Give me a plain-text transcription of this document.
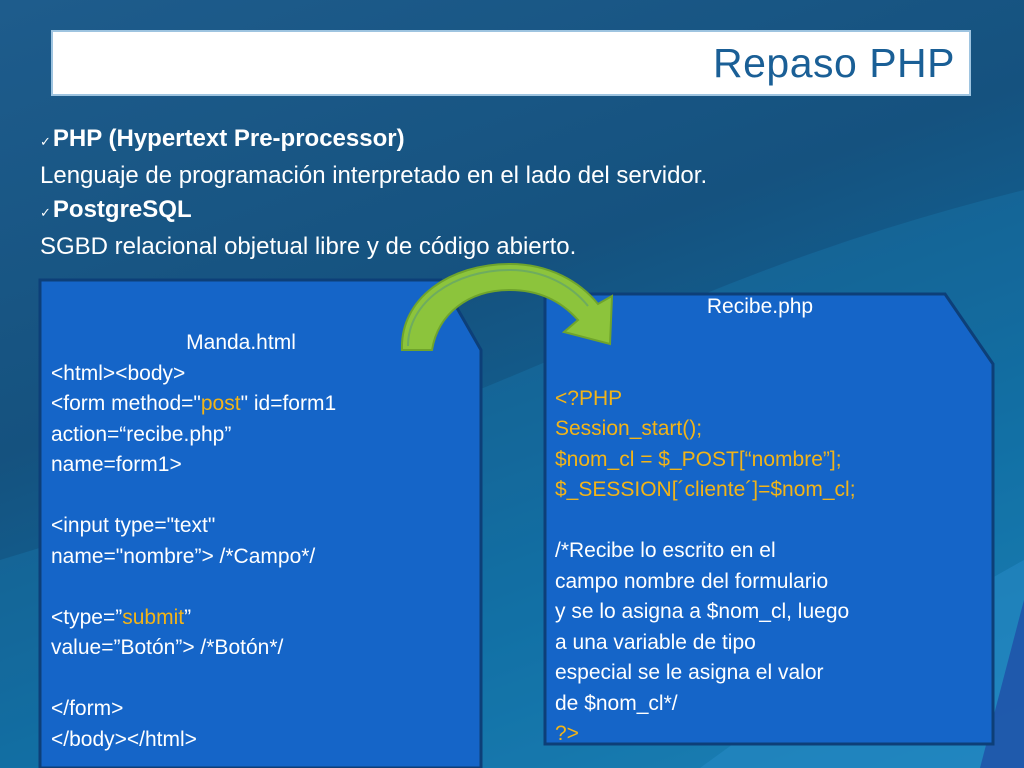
Repaso PHP
✓PHP (Hypertext Pre-processor)
Lenguaje de programación interpretado en el lado del servidor.
✓PostgreSQL
SGBD relacional objetual libre y de código abierto.
Manda.html
<html><body>
<form method="post" id=form1
action=“recibe.php”
name=form1>
<input type="text"
name="nombre”> /*Campo*/
<type=”submit”
value=”Botón”> /*Botón*/
</form>
</body></html>
Recibe.php
<?PHP
Session_start();
$nom_cl = $_POST[“nombre”];
$_SESSION[´cliente´]=$nom_cl;
/*Recibe lo escrito en el
campo nombre del formulario
y se lo asigna a $nom_cl, luego
a una variable de tipo
especial se le asigna el valor
de $nom_cl*/
?>
